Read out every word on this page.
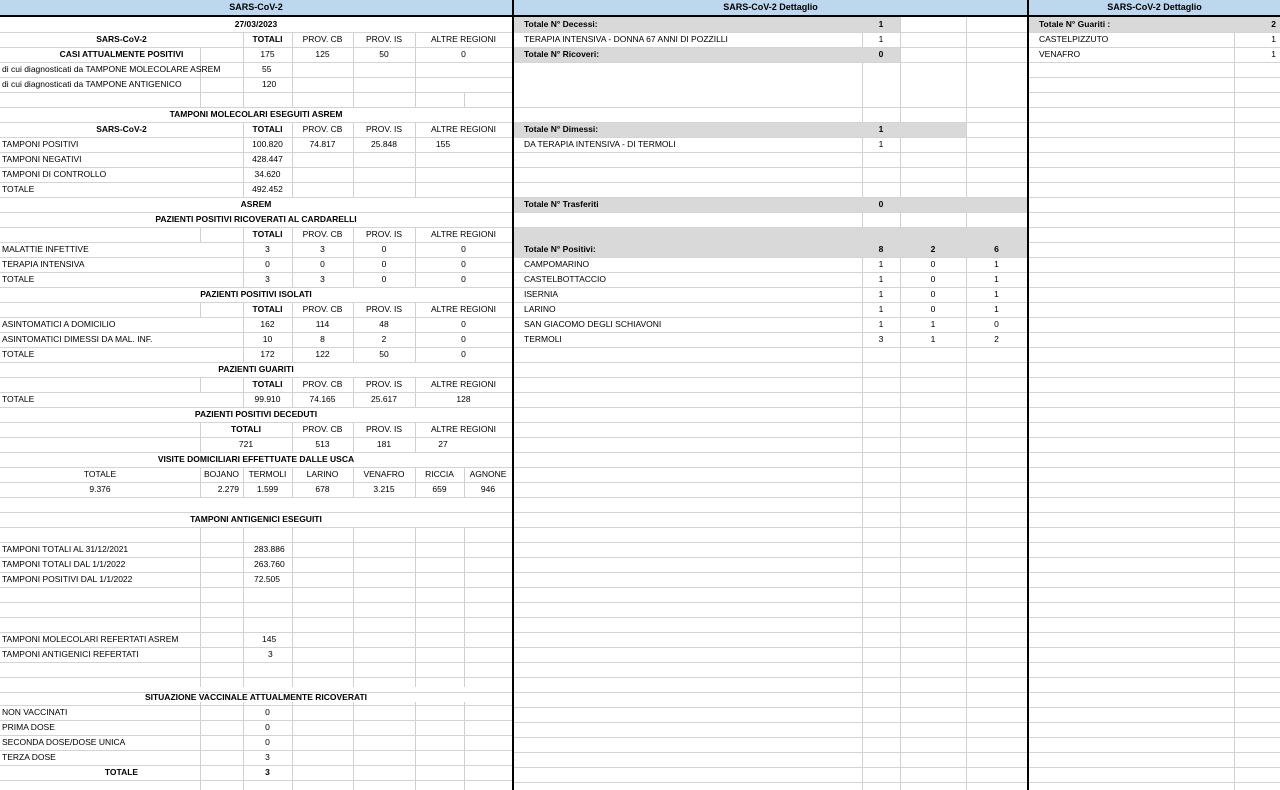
SARS-CoV-2
27/03/2023
SARS-CoV-2	TOTALI	PROV. CB	PROV. IS	ALTRE REGIONI
CASI ATTUALMENTE POSITIVI	175	125	50	0
di cui diagnosticati da TAMPONE MOLECOLARE ASREM	55
di cui diagnosticati da TAMPONE ANTIGENICO	120
TAMPONI MOLECOLARI ESEGUITI ASREM
SARS-CoV-2	TOTALI	PROV. CB	PROV. IS	ALTRE REGIONI
TAMPONI POSITIVI	100.820	74.817	25.848	155
TAMPONI NEGATIVI	428.447
TAMPONI DI CONTROLLO	34.620
TOTALE	492.452
ASREM
PAZIENTI POSITIVI RICOVERATI AL CARDARELLI
TOTALI	PROV. CB	PROV. IS	ALTRE REGIONI
MALATTIE INFETTIVE	3	3	0	0
TERAPIA INTENSIVA	0	0	0	0
TOTALE	3	3	0	0
PAZIENTI POSITIVI ISOLATI
TOTALI	PROV. CB	PROV. IS	ALTRE REGIONI
ASINTOMATICI A DOMICILIO	162	114	48	0
ASINTOMATICI DIMESSI DA MAL. INF.	10	8	2	0
TOTALE	172	122	50	0
PAZIENTI GUARITI
TOTALI	PROV. CB	PROV. IS	ALTRE REGIONI
TOTALE	99.910	74.165	25.617	128
PAZIENTI POSITIVI DECEDUTI
TOTALI	PROV. CB	PROV. IS	ALTRE REGIONI
721	513	181	27
VISITE DOMICILIARI EFFETTUATE DALLE USCA
TOTALE	BOJANO	TERMOLI	LARINO	VENAFRO	RICCIA	AGNONE
9.376	2.279	1.599	678	3.215	659	946
TAMPONI ANTIGENICI ESEGUITI
TAMPONI TOTALI AL 31/12/2021	283.886
TAMPONI TOTALI DAL 1/1/2022	263.760
TAMPONI POSITIVI DAL 1/1/2022	72.505
TAMPONI MOLECOLARI REFERTATI ASREM	145
TAMPONI ANTIGENICI REFERTATI	3
SITUAZIONE VACCINALE ATTUALMENTE RICOVERATI
NON VACCINATI	0
PRIMA DOSE	0
SECONDA DOSE/DOSE UNICA	0
TERZA DOSE	3
TOTALE	3
SARS-CoV-2 Dettaglio
Totale N° Decessi:	1
TERAPIA INTENSIVA - DONNA 67 ANNI DI POZZILLI	1
Totale N° Ricoveri:	0
Totale N° Dimessi:	1
DA TERAPIA INTENSIVA - DI TERMOLI	1
Totale N° Trasferiti	0
Totale N° Positivi:	8	2	6
CAMPOMARINO	1	0	1
CASTELBOTTACCIO	1	0	1
ISERNIA	1	0	1
LARINO	1	0	1
SAN GIACOMO DEGLI SCHIAVONI	1	1	0
TERMOLI	3	1	2
SARS-CoV-2 Dettaglio
Totale N° Guariti :	2
CASTELPIZZUTO	1
VENAFRO	1
